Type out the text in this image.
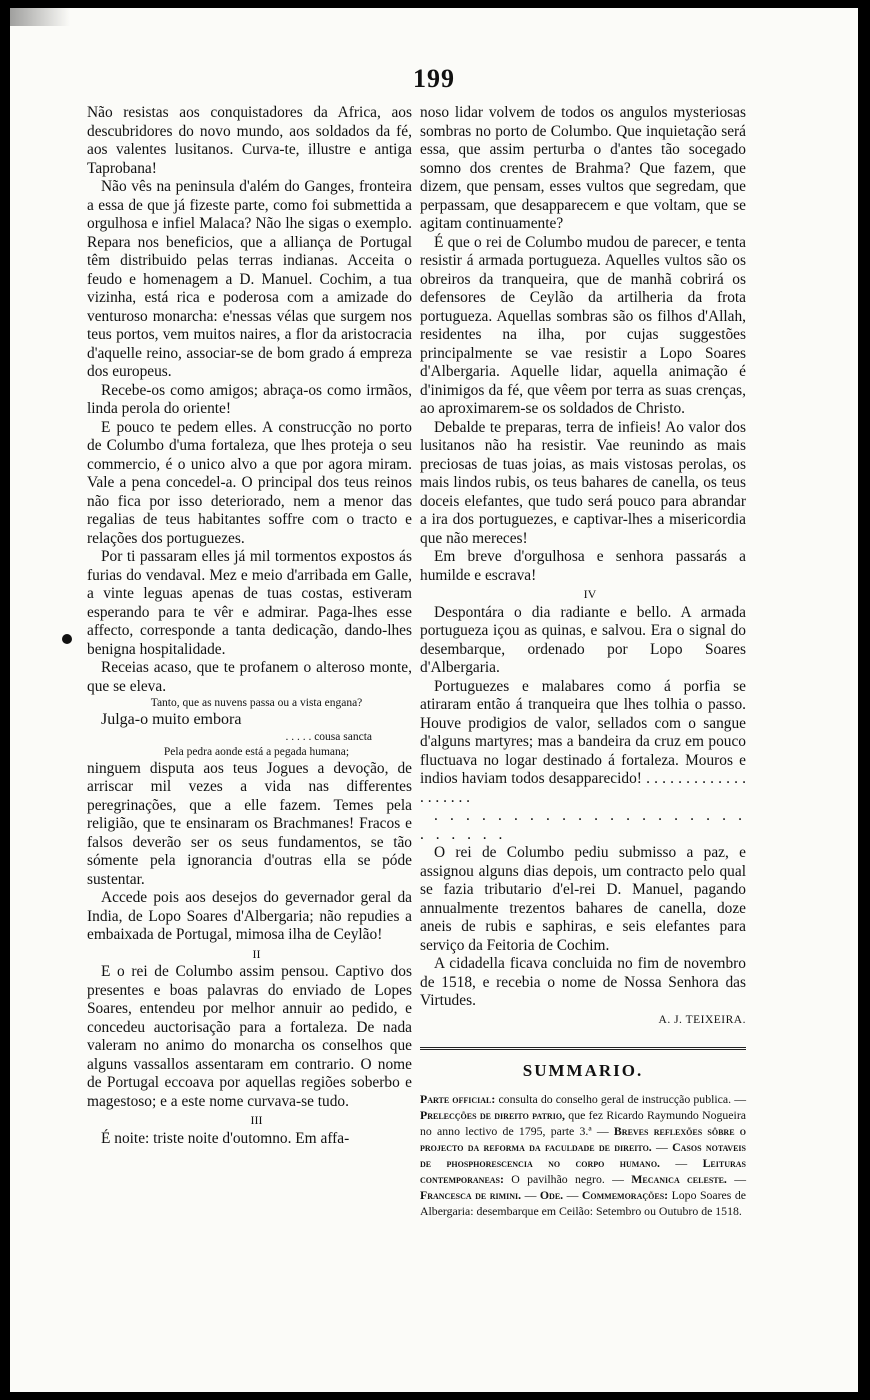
199

Não resistas aos conquistadores da Africa, aos descubridores do novo mundo, aos soldados da fé, aos valentes lusitanos. Curva-te, illustre e antiga Taprobana!

Não vês na peninsula d'além do Ganges, fronteira a essa de que já fizeste parte, como foi submettida a orgulhosa e infiel Malaca? Não lhe sigas o exemplo. Repara nos beneficios, que a alliança de Portugal têm distribuido pelas terras indianas. Acceita o feudo e homenagem a D. Manuel. Cochim, a tua vizinha, está rica e poderosa com a amizade do venturoso monarcha: e'nessas vélas que surgem nos teus portos, vem muitos naires, a flor da aristocracia d'aquelle reino, associar-se de bom grado á empreza dos europeus.

Recebe-os como amigos; abraça-os como irmãos, linda perola do oriente!

E pouco te pedem elles. A construcção no porto de Columbo d'uma fortaleza, que lhes proteja o seu commercio, é o unico alvo a que por agora miram. Vale a pena concedel-a. O principal dos teus reinos não fica por isso deteriorado, nem a menor das regalias de teus habitantes soffre com o tracto e relações dos portuguezes.

Por ti passaram elles já mil tormentos expostos ás furias do vendaval. Mez e meio d'arribada em Galle, a vinte leguas apenas de tuas costas, estiveram esperando para te vêr e admirar. Paga-lhes esse affecto, corresponde a tanta dedicação, dando-lhes benigna hospitalidade.

Receias acaso, que te profanem o alteroso monte, que se eleva.

Tanto, que as nuvens passa ou a vista engana?

Julga-o muito embora

. . . . . cousa sancta

Pela pedra aonde está a pegada humana;

ninguem disputa aos teus Jogues a devoção, de arriscar mil vezes a vida nas differentes peregrinações, que a elle fazem. Temes pela religião, que te ensinaram os Brachmanes! Fracos e falsos deverão ser os seus fundamentos, se tão sómente pela ignorancia d'outras ella se póde sustentar.

Accede pois aos desejos do gevernador geral da India, de Lopo Soares d'Albergaria; não repudies a embaixada de Portugal, mimosa ilha de Ceylão!

II

E o rei de Columbo assim pensou. Captivo dos presentes e boas palavras do enviado de Lopes Soares, entendeu por melhor annuir ao pedido, e concedeu auctorisação para a fortaleza. De nada valeram no animo do monarcha os conselhos que alguns vassallos assentaram em contrario. O nome de Portugal eccoava por aquellas regiões soberbo e magestoso; e a este nome curvava-se tudo.

III

É noite: triste noite d'outomno. Em affa-

noso lidar volvem de todos os angulos mysteriosas sombras no porto de Columbo. Que inquietação será essa, que assim perturba o d'antes tão socegado somno dos crentes de Brahma? Que fazem, que dizem, que pensam, esses vultos que segredam, que perpassam, que desapparecem e que voltam, que se agitam continuamente?

É que o rei de Columbo mudou de parecer, e tenta resistir á armada portugueza. Aquelles vultos são os obreiros da tranqueira, que de manhã cobrirá os defensores de Ceylão da artilheria da frota portugueza. Aquellas sombras são os filhos d'Allah, residentes na ilha, por cujas suggestões principalmente se vae resistir a Lopo Soares d'Albergaria. Aquelle lidar, aquella animação é d'inimigos da fé, que vêem por terra as suas crenças, ao aproximarem-se os soldados de Christo.

Debalde te preparas, terra de infieis! Ao valor dos lusitanos não ha resistir. Vae reunindo as mais preciosas de tuas joias, as mais vistosas perolas, os mais lindos rubis, os teus bahares de canella, os teus doceis elefantes, que tudo será pouco para abrandar a ira dos portuguezes, e captivar-lhes a misericordia que não mereces!

Em breve d'orgulhosa e senhora passarás a humilde e escrava!

IV

Despontára o dia radiante e bello. A armada portugueza içou as quinas, e salvou. Era o signal do desembarque, ordenado por Lopo Soares d'Albergaria.

Portuguezes e malabares como á porfia se atiraram então á tranqueira que lhes tolhia o passo. Houve prodigios de valor, sellados com o sangue d'alguns martyres; mas a bandeira da cruz em pouco fluctuava no logar destinado á fortaleza. Mouros e indios haviam todos desapparecido! . . . . . . . . . . . . . . . . . . . .

. . . . . . . . . . . . . . . . . . . . . . . . . .

O rei de Columbo pediu submisso a paz, e assignou alguns dias depois, um contracto pelo qual se fazia tributario d'el-rei D. Manuel, pagando annualmente trezentos bahares de canella, doze aneis de rubis e saphiras, e seis elefantes para serviço da Feitoria de Cochim.

A cidadella ficava concluida no fim de novembro de 1518, e recebia o nome de Nossa Senhora das Virtudes.

A. J. TEIXEIRA.

SUMMARIO.
Parte official: consulta do conselho geral de instrucção publica. — Prelecções de direito patrio, que fez Ricardo Raymundo Nogueira no anno lectivo de 1795, parte 3.ª — Breves reflexões sôbre o projecto da reforma da faculdade de direito. — Casos notaveis de phosphorescencia no corpo humano. — Leituras contemporaneas: O pavilhão negro. — Mecanica celeste. — Francesca de rimini. — Ode. — Commemorações: Lopo Soares de Albergaria: desembarque em Ceilão: Setembro ou Outubro de 1518.
